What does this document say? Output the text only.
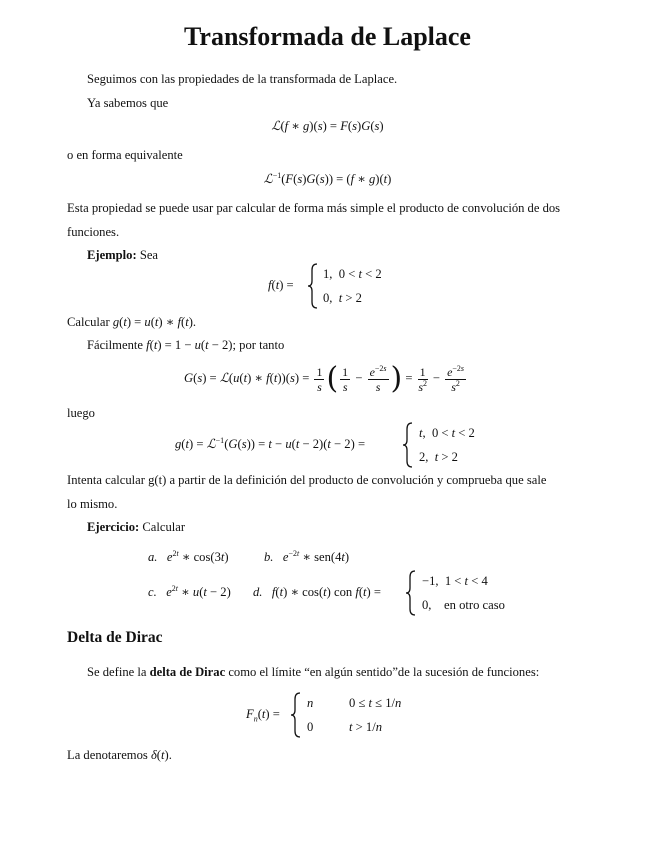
Transformada de Laplace
Seguimos con las propiedades de la transformada de Laplace.
Ya sabemos que
ℒ(f ∗ g)(s) = F(s)G(s)
o en forma equivalente
ℒ$^{-1}$(F(s)G(s)) = (f ∗ g)(t)
Esta propiedad se puede usar par calcular de forma más simple el producto de convolución de dos
funciones.
Ejemplo: Sea
f(t) =
1,  0 < t < 2
0,  t > 2
Calcular g(t) = u(t) ∗ f(t).
Fácilmente f(t) = 1 − u(t − 2); por tanto
G(s) = ℒ(u(t) ∗ $f(t))(s) = \frac{1}{s}$ ( $\frac{1}{s} - \frac{e^{-2s}}{s}$ ) = $\frac{1}{s^2} - \frac{e^{-2s}}{s^2}$
luego
g(t) = ℒ$^{-1}$(G(s)) = t − u(t − 2)(t − 2) =
t,  0 < t < 2
2,  t > 2
Intenta calcular g(t) a partir de la definición del producto de convolución y comprueba que sale
lo mismo.
Ejercicio: Calcular
a. $e^{2t}$ ∗ cos(3t)	b. $e^{-2t}$ ∗ sen(4t)
c. $e^{2t}$ ∗ u(t − 2) d. f(t) ∗ cos(t) con f(t) =
−1,  1 < t < 4
0,    en otro caso
Delta de Dirac
Se define la delta de Dirac como el límite “en algún sentido”de la sucesión de funciones:
$F_n(t)$ =
n	0 ≤ t ≤ 1/n
0	t > 1/n
La denotaremos δ(t).
